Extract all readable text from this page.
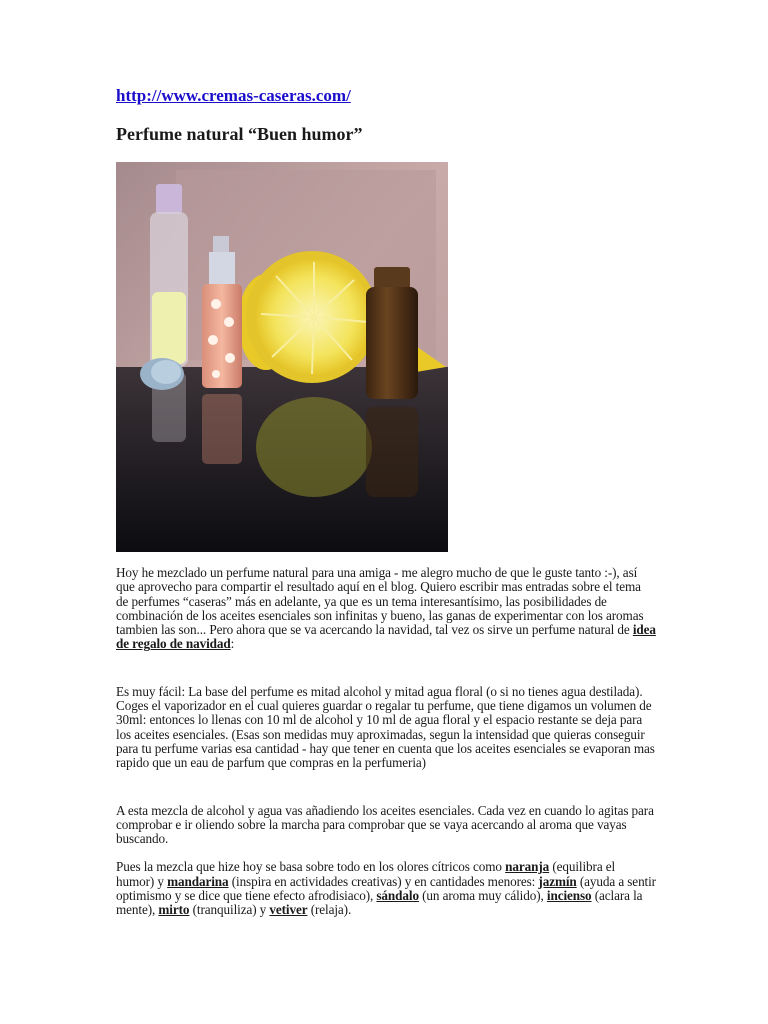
http://www.cremas-caseras.com/
Perfume natural “Buen humor”

Hoy he mezclado un perfume natural para una amiga - me alegro mucho de que le guste tanto :-), así que aprovecho para compartir el resultado aquí en el blog. Quiero escribir mas entradas sobre el tema de perfumes “caseras” más en adelante, ya que es un tema interesantísimo, las posibilidades de combinación de los aceites esenciales son infinitas y bueno, las ganas de experimentar con los aromas tambien las son... Pero ahora que se va acercando la navidad, tal vez os sirve un perfume natural de idea de regalo de navidad:

Es muy fácil: La base del perfume es mitad alcohol y mitad agua floral (o si no tienes agua destilada). Coges el vaporizador en el cual quieres guardar o regalar tu perfume, que tiene digamos un volumen de 30ml: entonces lo llenas con 10 ml de alcohol y 10 ml de agua floral y el espacio restante se deja para los aceites esenciales. (Esas son medidas muy aproximadas, segun la intensidad que quieras conseguir para tu perfume varias esa cantidad - hay que tener en cuenta que los aceites esenciales se evaporan mas rapido que un eau de parfum que compras en la perfumeria)

A esta mezcla de alcohol y agua vas añadiendo los aceites esenciales. Cada vez en cuando lo agitas para comprobar e ir oliendo sobre la marcha para comprobar que se vaya acercando al aroma que vayas buscando.

Pues la mezcla que hize hoy se basa sobre todo en los olores cítricos como naranja (equilibra el humor) y mandarina (inspira en actividades creativas) y en cantidades menores: jazmín (ayuda a sentir optimismo y se dice que tiene efecto afrodisiaco), sándalo (un aroma muy cálido), incienso (aclara la mente), mirto (tranquiliza) y vetiver (relaja).
